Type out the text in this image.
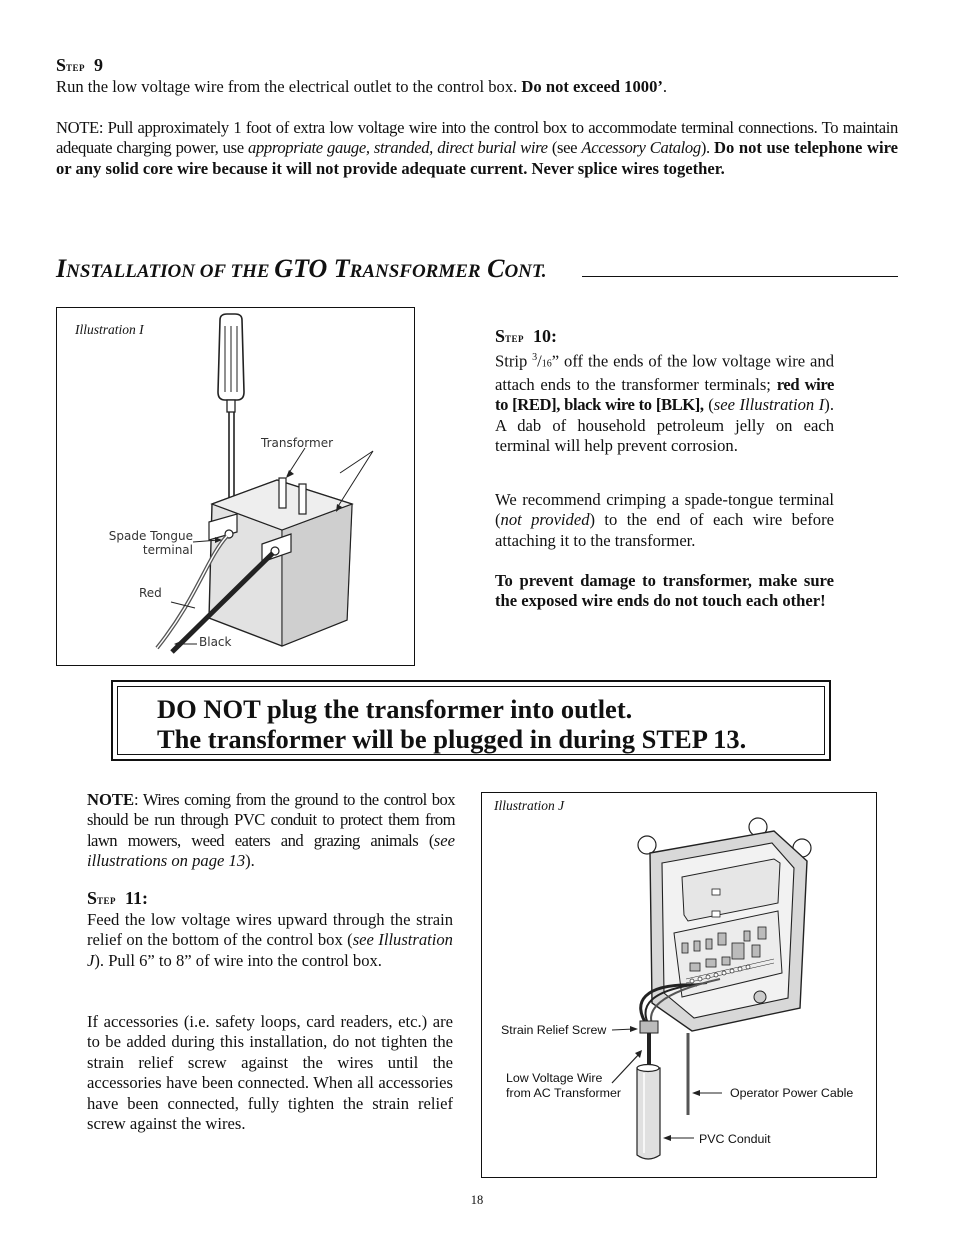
Step 9
Run the low voltage wire from the electrical outlet to the control box. Do not exceed 1000’.
NOTE: Pull approximately 1 foot of extra low voltage wire into the control box to accommodate terminal connections. To maintain adequate charging power, use appropriate gauge, stranded, direct burial wire (see Accessory Catalog). Do not use telephone wire or any solid core wire because it will not provide adequate current. Never splice wires together.
INSTALLATION OF THE GTO TRANSFORMER CONT.
Illustration I
Transformer
Spade Tongue
terminal
Red
Black
Step 10:
Strip $^3$/16” off the ends of the low voltage wire and attach ends to the transformer terminals; red wire to [RED], black wire to [BLK], (see Illustration I). A dab of household petroleum jelly on each terminal will help prevent corrosion.
We recommend crimping a spade-tongue terminal (not provided) to the end of each wire before attaching it to the transformer.
To prevent damage to transformer, make sure the exposed wire ends do not touch each other!
DO NOT plug the transformer into outlet.
The transformer will be plugged in during STEP 13.
NOTE: Wires coming from the ground to the control box should be run through PVC conduit to protect them from lawn mowers, weed eaters and grazing animals (see illustrations on page 13).
Step 11:
Feed the low voltage wires upward through the strain relief on the bottom of the control box (see Illustration J). Pull 6” to 8” of wire into the control box.
If accessories (i.e. safety loops, card readers, etc.) are to be added during this installation, do not tighten the strain relief screw against the wires until the accessories have been connected. When all accessories have been connected, fully tighten the strain relief screw against the wires.
Illustration J
Strain Relief Screw
Low Voltage Wire
from AC Transformer	Operator Power Cable
PVC Conduit
18
